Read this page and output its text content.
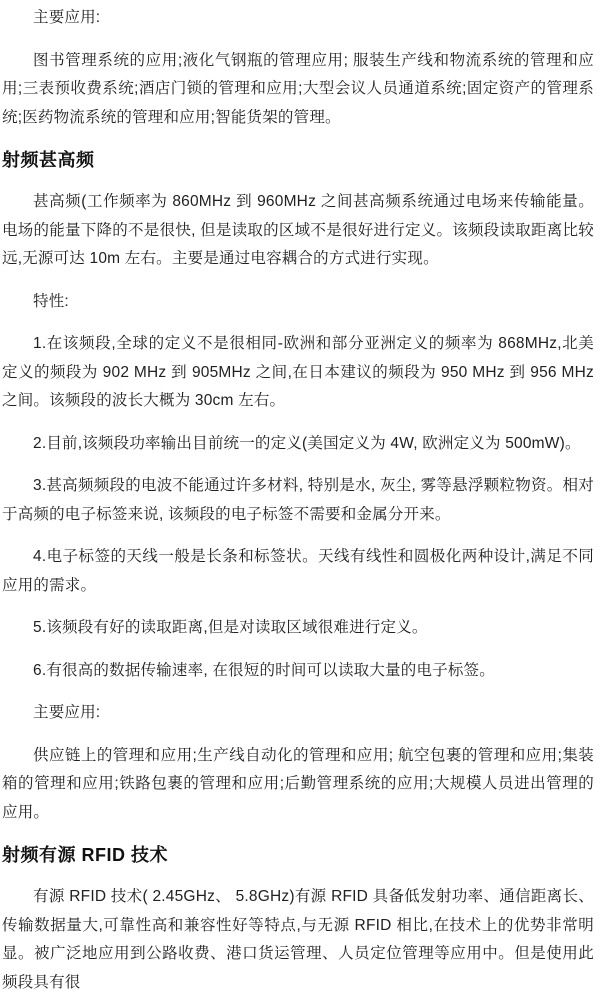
主要应用:

图书管理系统的应用;液化气钢瓶的管理应用; 服装生产线和物流系统的管理和应用;三表预收费系统;酒店门锁的管理和应用;大型会议人员通道系统;固定资产的管理系统;医药物流系统的管理和应用;智能货架的管理。

射频甚高频

甚高频(工作频率为 860MHz 到 960MHz 之间甚高频系统通过电场来传输能量。电场的能量下降的不是很快, 但是读取的区域不是很好进行定义。该频段读取距离比较远,无源可达 10m 左右。主要是通过电容耦合的方式进行实现。

特性:

1.在该频段,全球的定义不是很相同-欧洲和部分亚洲定义的频率为 868MHz,北美定义的频段为 902 MHz 到 905MHz 之间,在日本建议的频段为 950 MHz 到 956 MHz 之间。该频段的波长大概为 30cm 左右。

2.目前,该频段功率输出目前统一的定义(美国定义为 4W, 欧洲定义为 500mW)。

3.甚高频频段的电波不能通过许多材料, 特别是水, 灰尘, 雾等悬浮颗粒物资。相对于高频的电子标签来说, 该频段的电子标签不需要和金属分开来。

4.电子标签的天线一般是长条和标签状。天线有线性和圆极化两种设计,满足不同应用的需求。

5.该频段有好的读取距离,但是对读取区域很难进行定义。

6.有很高的数据传输速率, 在很短的时间可以读取大量的电子标签。

主要应用:

供应链上的管理和应用;生产线自动化的管理和应用; 航空包裹的管理和应用;集装箱的管理和应用;铁路包裹的管理和应用;后勤管理系统的应用;大规模人员进出管理的应用。

射频有源 RFID 技术

有源 RFID 技术( 2.45GHz、 5.8GHz)有源 RFID 具备低发射功率、通信距离长、传输数据量大,可靠性高和兼容性好等特点,与无源 RFID 相比,在技术上的优势非常明显。被广泛地应用到公路收费、港口货运管理、人员定位管理等应用中。但是使用此频段具有很
